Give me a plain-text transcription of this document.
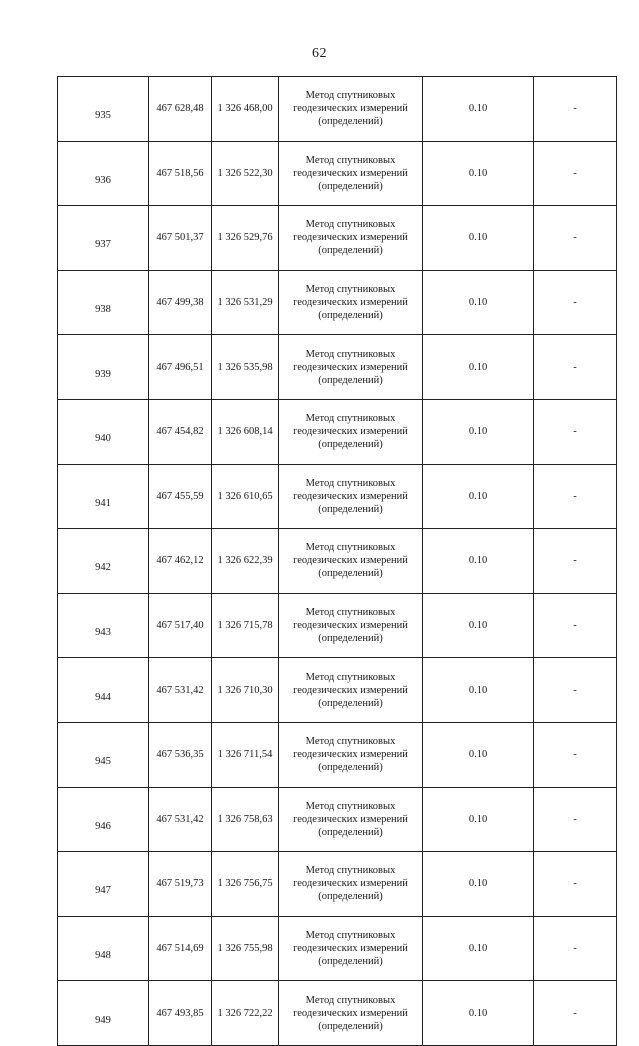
62
935	467 628,48	1 326 468,00	Метод спутниковых
геодезических измерений
(определений)	0.10	-
936	467 518,56	1 326 522,30	Метод спутниковых
геодезических измерений
(определений)	0.10	-
937	467 501,37	1 326 529,76	Метод спутниковых
геодезических измерений
(определений)	0.10	-
938	467 499,38	1 326 531,29	Метод спутниковых
геодезических измерений
(определений)	0.10	-
939	467 496,51	1 326 535,98	Метод спутниковых
геодезических измерений
(определений)	0.10	-
940	467 454,82	1 326 608,14	Метод спутниковых
геодезических измерений
(определений)	0.10	-
941	467 455,59	1 326 610,65	Метод спутниковых
геодезических измерений
(определений)	0.10	-
942	467 462,12	1 326 622,39	Метод спутниковых
геодезических измерений
(определений)	0.10	-
943	467 517,40	1 326 715,78	Метод спутниковых
геодезических измерений
(определений)	0.10	-
944	467 531,42	1 326 710,30	Метод спутниковых
геодезических измерений
(определений)	0.10	-
945	467 536,35	1 326 711,54	Метод спутниковых
геодезических измерений
(определений)	0.10	-
946	467 531,42	1 326 758,63	Метод спутниковых
геодезических измерений
(определений)	0.10	-
947	467 519,73	1 326 756,75	Метод спутниковых
геодезических измерений
(определений)	0.10	-
948	467 514,69	1 326 755,98	Метод спутниковых
геодезических измерений
(определений)	0.10	-
949	467 493,85	1 326 722,22	Метод спутниковых
геодезических измерений
(определений)	0.10	-
